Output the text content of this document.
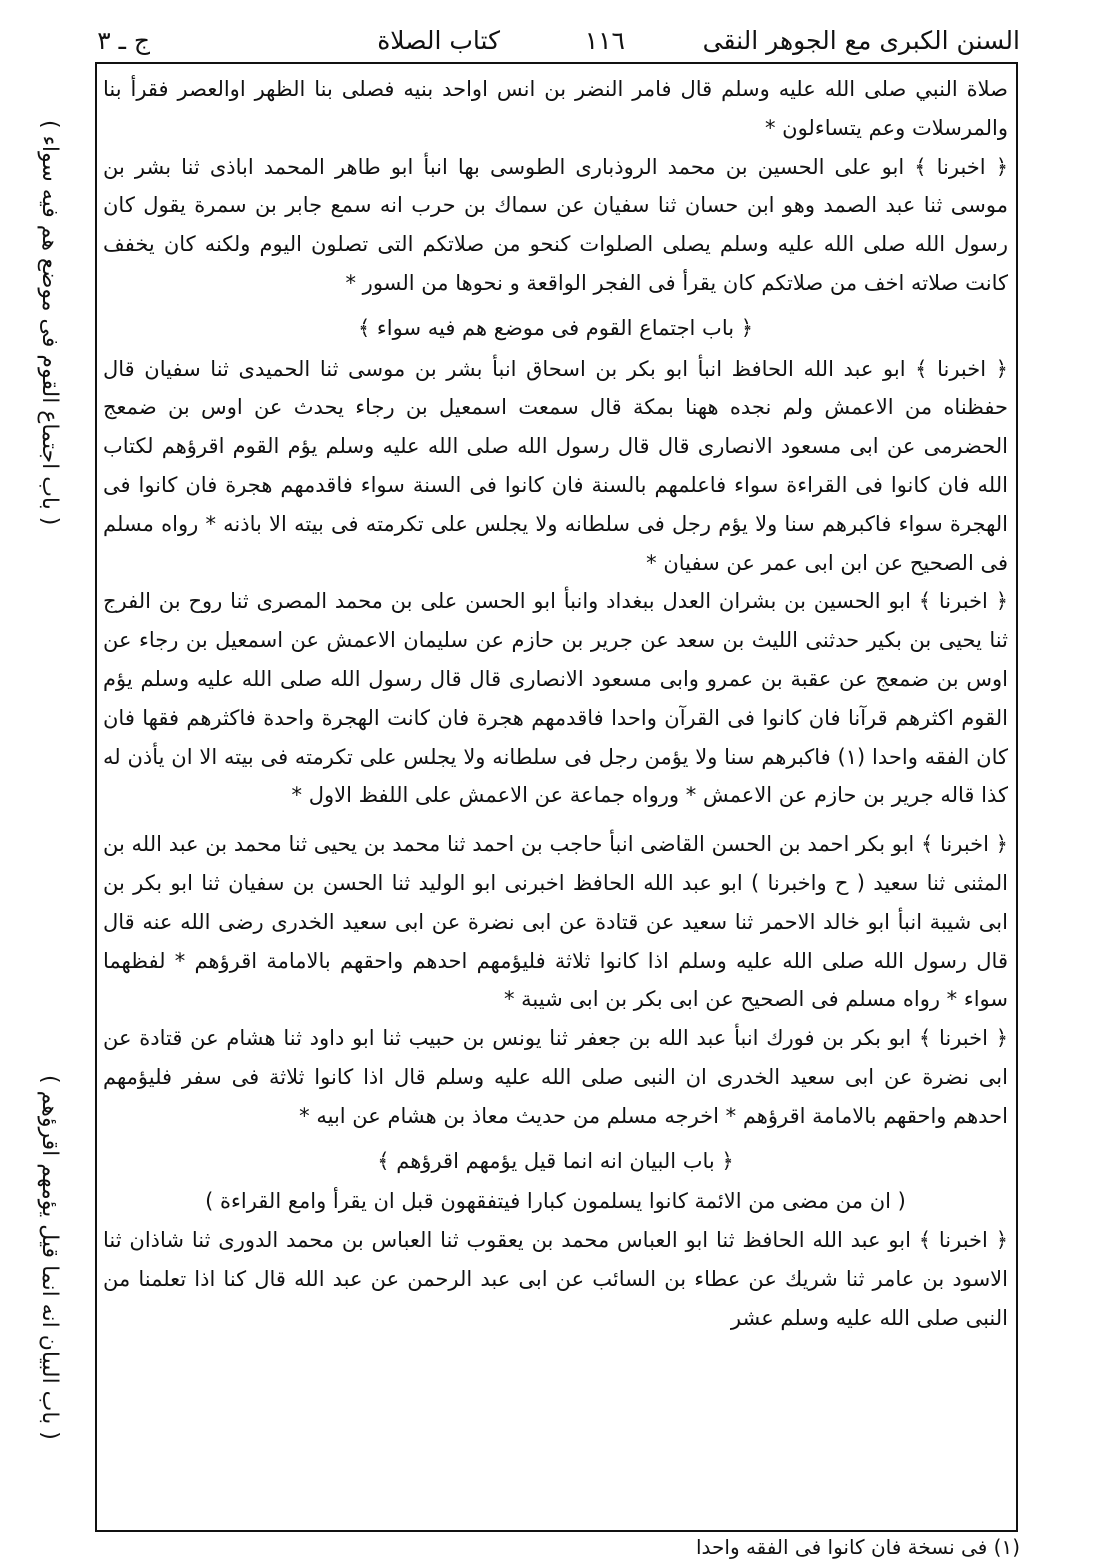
السنن الكبرى مع الجوهر النقى
١١٦
كتاب الصلاة
ج ـ ٣
( باب اجتماع القوم فى موضع هم فيه سواء )
( باب البيان انه انما قيل يؤمهم اقرؤهم )

صلاة النبي صلى الله عليه وسلم قال فامر النضر بن انس اواحد بنيه فصلى بنا الظهر اوالعصر فقرأ بنا والمرسلات وعم يتساءلون *

﴿ اخبرنا ﴾ ابو على الحسين بن محمد الروذبارى الطوسى بها انبأ ابو طاهر المحمد اباذى ثنا بشر بن موسى ثنا عبد الصمد وهو ابن حسان ثنا سفيان عن سماك بن حرب انه سمع جابر بن سمرة يقول كان رسول الله صلى الله عليه وسلم يصلى الصلوات كنحو من صلاتكم التى تصلون اليوم ولكنه كان يخفف كانت صلاته اخف من صلاتكم كان يقرأ فى الفجر الواقعة و نحوها من السور *

﴿ باب اجتماع القوم فى موضع هم فيه سواء ﴾

﴿ اخبرنا ﴾ ابو عبد الله الحافظ انبأ ابو بكر بن اسحاق انبأ بشر بن موسى ثنا الحميدى ثنا سفيان قال حفظناه من الاعمش ولم نجده ههنا بمكة قال سمعت اسمعيل بن رجاء يحدث عن اوس بن ضمعج الحضرمى عن ابى مسعود الانصارى قال قال رسول الله صلى الله عليه وسلم يؤم القوم اقرؤهم لكتاب الله فان كانوا فى القراءة سواء فاعلمهم بالسنة فان كانوا فى السنة سواء فاقدمهم هجرة فان كانوا فى الهجرة سواء فاكبرهم سنا ولا يؤم رجل فى سلطانه ولا يجلس على تكرمته فى بيته الا باذنه * رواه مسلم فى الصحيح عن ابن ابى عمر عن سفيان *

﴿ اخبرنا ﴾ ابو الحسين بن بشران العدل ببغداد وانبأ ابو الحسن على بن محمد المصرى ثنا روح بن الفرج ثنا يحيى بن بكير حدثنى الليث بن سعد عن جرير بن حازم عن سليمان الاعمش عن اسمعيل بن رجاء عن اوس بن ضمعج عن عقبة بن عمرو وابى مسعود الانصارى قال قال رسول الله صلى الله عليه وسلم يؤم القوم اكثرهم قرآنا فان كانوا فى القرآن واحدا فاقدمهم هجرة فان كانت الهجرة واحدة فاكثرهم فقها فان كان الفقه واحدا (١) فاكبرهم سنا ولا يؤمن رجل فى سلطانه ولا يجلس على تكرمته فى بيته الا ان يأذن له كذا قاله جرير بن حازم عن الاعمش * ورواه جماعة عن الاعمش على اللفظ الاول *

﴿ اخبرنا ﴾ ابو بكر احمد بن الحسن القاضى انبأ حاجب بن احمد ثنا محمد بن يحيى ثنا محمد بن عبد الله بن المثنى ثنا سعيد ( ح واخبرنا ) ابو عبد الله الحافظ اخبرنى ابو الوليد ثنا الحسن بن سفيان ثنا ابو بكر بن ابى شيبة انبأ ابو خالد الاحمر ثنا سعيد عن قتادة عن ابى نضرة عن ابى سعيد الخدرى رضى الله عنه قال قال رسول الله صلى الله عليه وسلم اذا كانوا ثلاثة فليؤمهم احدهم واحقهم بالامامة اقرؤهم * لفظهما سواء * رواه مسلم فى الصحيح عن ابى بكر بن ابى شيبة *

﴿ اخبرنا ﴾ ابو بكر بن فورك انبأ عبد الله بن جعفر ثنا يونس بن حبيب ثنا ابو داود ثنا هشام عن قتادة عن ابى نضرة عن ابى سعيد الخدرى ان النبى صلى الله عليه وسلم قال اذا كانوا ثلاثة فى سفر فليؤمهم احدهم واحقهم بالامامة اقرؤهم * اخرجه مسلم من حديث معاذ بن هشام عن ابيه *

﴿ باب البيان انه انما قيل يؤمهم اقرؤهم ﴾

( ان من مضى من الائمة كانوا يسلمون كبارا فيتفقهون قبل ان يقرأ وامع القراءة )

﴿ اخبرنا ﴾ ابو عبد الله الحافظ ثنا ابو العباس محمد بن يعقوب ثنا العباس بن محمد الدورى ثنا شاذان ثنا الاسود بن عامر ثنا شريك عن عطاء بن السائب عن ابى عبد الرحمن عن عبد الله قال كنا اذا تعلمنا من النبى صلى الله عليه وسلم عشر

(١) فى نسخة فان كانوا فى الفقه واحدا
